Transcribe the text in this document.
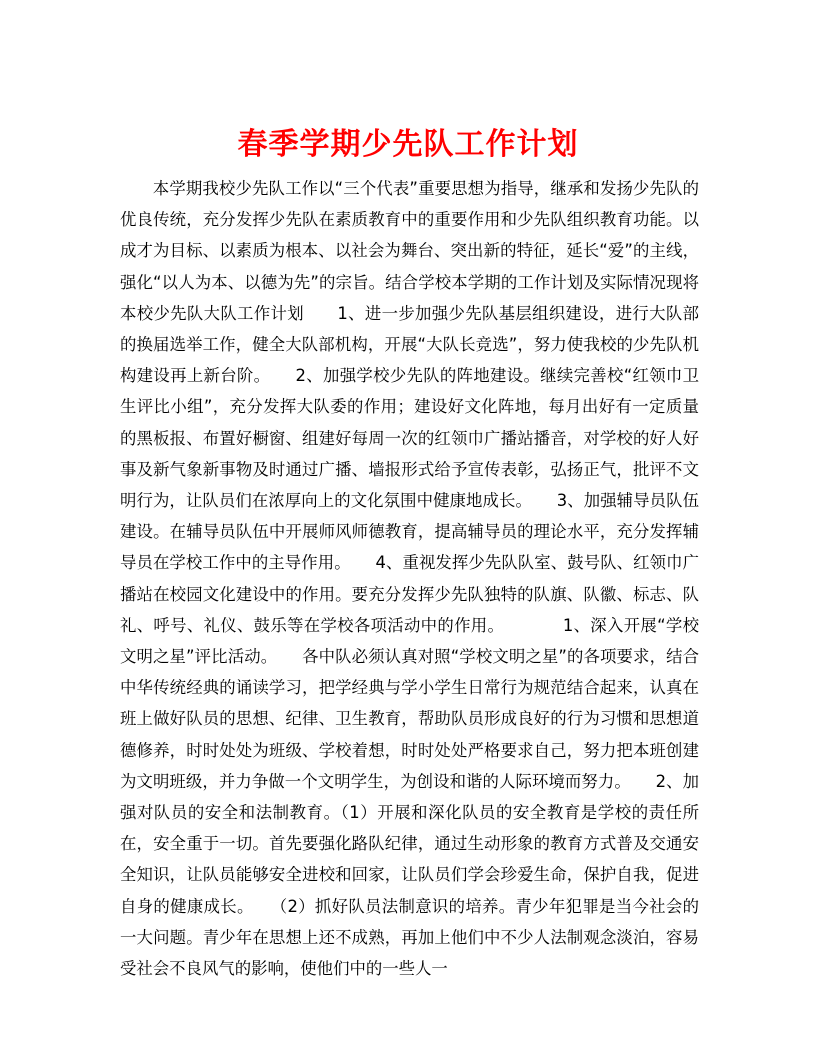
春季学期少先队工作计划

本学期我校少先队工作以“三个代表”重要思想为指导，继承和发扬少先队的优良传统，充分发挥少先队在素质教育中的重要作用和少先队组织教育功能。以成才为目标、以素质为根本、以社会为舞台、突出新的特征，延长“爱”的主线，强化“以人为本、以德为先”的宗旨。结合学校本学期的工作计划及实际情况现将本校少先队大队工作计划　　1、进一步加强少先队基层组织建设，进行大队部的换届选举工作，健全大队部机构，开展“大队长竞选”，努力使我校的少先队机构建设再上新台阶。　　2、加强学校少先队的阵地建设。继续完善校“红领巾卫生评比小组”，充分发挥大队委的作用；建设好文化阵地，每月出好有一定质量的黑板报、布置好橱窗、组建好每周一次的红领巾广播站播音，对学校的好人好事及新气象新事物及时通过广播、墙报形式给予宣传表彰，弘扬正气，批评不文明行为，让队员们在浓厚向上的文化氛围中健康地成长。　　3、加强辅导员队伍建设。在辅导员队伍中开展师风师德教育，提高辅导员的理论水平，充分发挥辅导员在学校工作中的主导作用。　　4、重视发挥少先队队室、鼓号队、红领巾广播站在校园文化建设中的作用。要充分发挥少先队独特的队旗、队徽、标志、队礼、呼号、礼仪、鼓乐等在学校各项活动中的作用。　　　　1、深入开展“学校文明之星”评比活动。　　各中队必须认真对照“学校文明之星”的各项要求，结合中华传统经典的诵读学习，把学经典与学小学生日常行为规范结合起来，认真在班上做好队员的思想、纪律、卫生教育，帮助队员形成良好的行为习惯和思想道德修养，时时处处为班级、学校着想，时时处处严格要求自己，努力把本班创建为文明班级，并力争做一个文明学生，为创设和谐的人际环境而努力。　　2、加强对队员的安全和法制教育。（1）开展和深化队员的安全教育是学校的责任所在，安全重于一切。首先要强化路队纪律，通过生动形象的教育方式普及交通安全知识，让队员能够安全进校和回家，让队员们学会珍爱生命，保护自我，促进自身的健康成长。　　（2）抓好队员法制意识的培养。青少年犯罪是当今社会的一大问题。青少年在思想上还不成熟，再加上他们中不少人法制观念淡泊，容易受社会不良风气的影响，使他们中的一些人一
